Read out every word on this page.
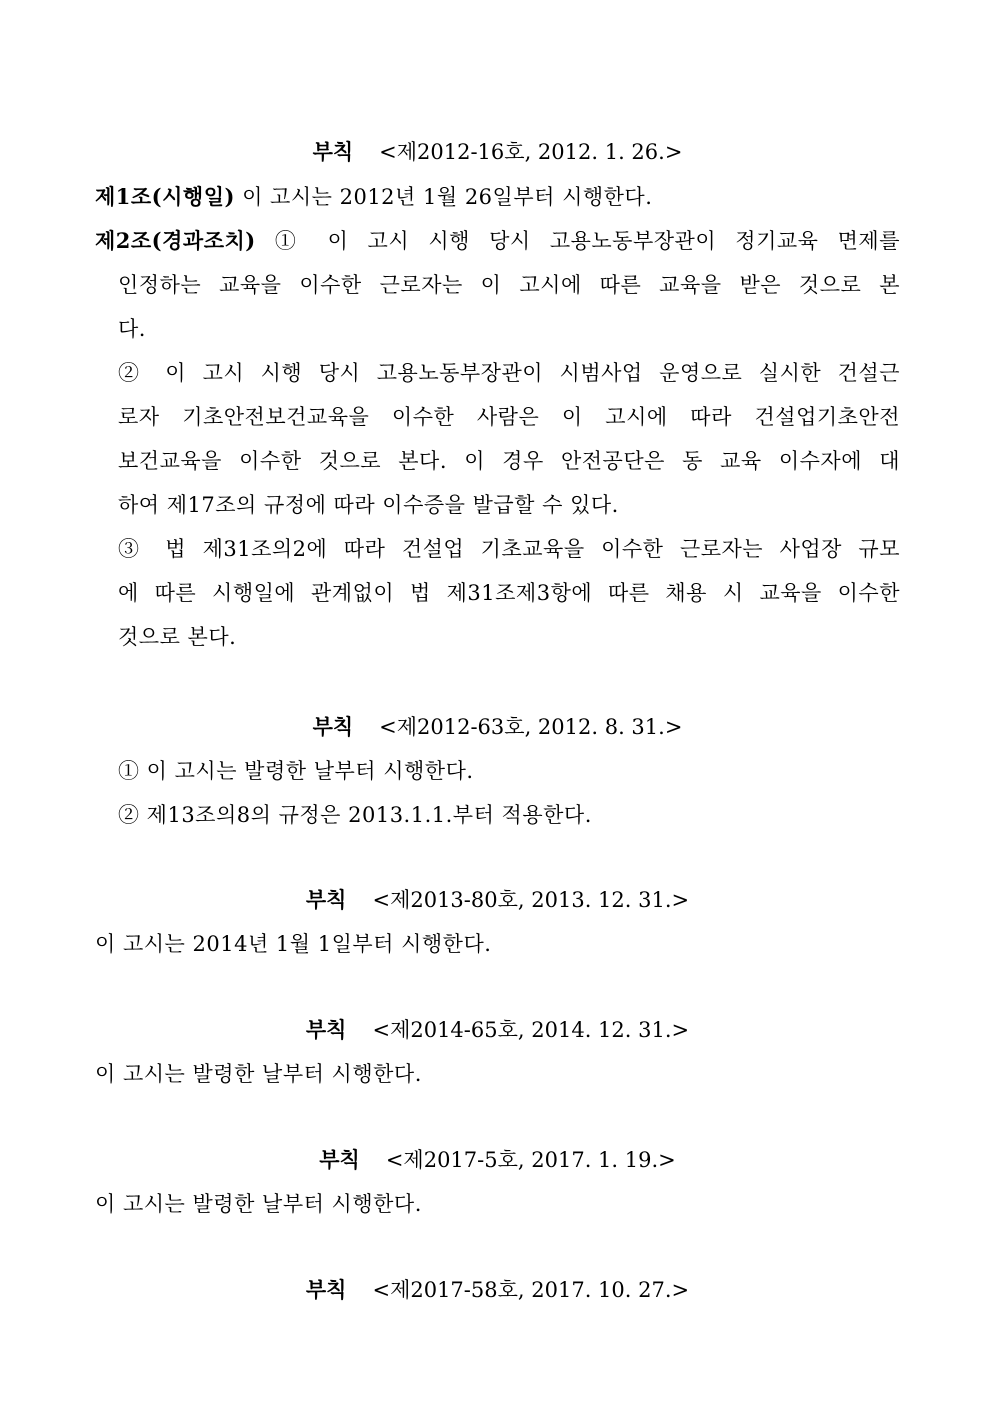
부칙 <제2012-16호, 2012. 1. 26.>
제1조(시행일) 이 고시는 2012년 1월 26일부터 시행한다.
제2조(경과조치) ① 이 고시 시행 당시 고용노동부장관이 정기교육 면제를
인정하는 교육을 이수한 근로자는 이 고시에 따른 교육을 받은 것으로 본
다.
② 이 고시 시행 당시 고용노동부장관이 시범사업 운영으로 실시한 건설근
로자 기초안전보건교육을 이수한 사람은 이 고시에 따라 건설업기초안전
보건교육을 이수한 것으로 본다. 이 경우 안전공단은 동 교육 이수자에 대
하여 제17조의 규정에 따라 이수증을 발급할 수 있다.
③ 법 제31조의2에 따라 건설업 기초교육을 이수한 근로자는 사업장 규모
에 따른 시행일에 관계없이 법 제31조제3항에 따른 채용 시 교육을 이수한
것으로 본다.
부칙 <제2012-63호, 2012. 8. 31.>
① 이 고시는 발령한 날부터 시행한다.
② 제13조의8의 규정은 2013.1.1.부터 적용한다.
부칙 <제2013-80호, 2013. 12. 31.>
이 고시는 2014년 1월 1일부터 시행한다.
부칙 <제2014-65호, 2014. 12. 31.>
이 고시는 발령한 날부터 시행한다.
부칙 <제2017-5호, 2017. 1. 19.>
이 고시는 발령한 날부터 시행한다.
부칙 <제2017-58호, 2017. 10. 27.>
